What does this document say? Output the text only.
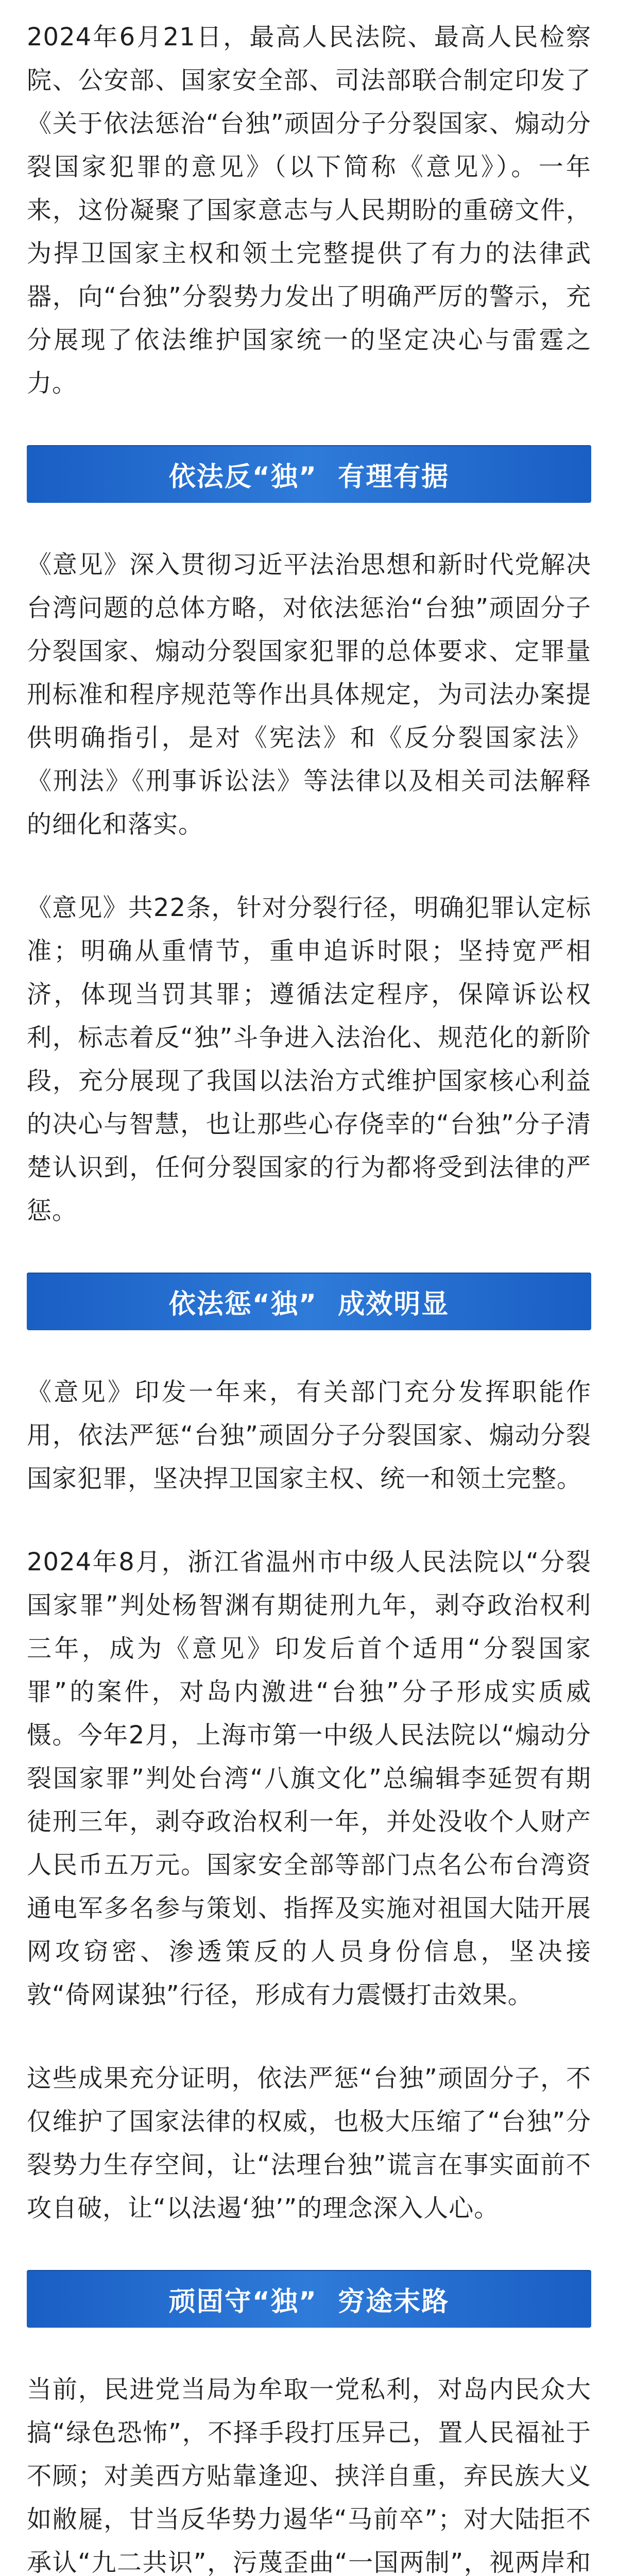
2024年6月21日，最高人民法院、最高人民检察院、公安部、国家安全部、司法部联合制定印发了《关于依法惩治“台独”顽固分子分裂国家、煽动分裂国家犯罪的意见》（以下简称《意见》）。一年来，这份凝聚了国家意志与人民期盼的重磅文件，为捍卫国家主权和领土完整提供了有力的法律武器，向“台独”分裂势力发出了明确严厉的警示，充分展现了依法维护国家统一的坚定决心与雷霆之力。

依法反“独”  有理有据

《意见》深入贯彻习近平法治思想和新时代党解决台湾问题的总体方略，对依法惩治“台独”顽固分子分裂国家、煽动分裂国家犯罪的总体要求、定罪量刑标准和程序规范等作出具体规定，为司法办案提供明确指引，是对《宪法》和《反分裂国家法》《刑法》《刑事诉讼法》等法律以及相关司法解释的细化和落实。

《意见》共22条，针对分裂行径，明确犯罪认定标准；明确从重情节，重申追诉时限；坚持宽严相济，体现当罚其罪；遵循法定程序，保障诉讼权利，标志着反“独”斗争进入法治化、规范化的新阶段，充分展现了我国以法治方式维护国家核心利益的决心与智慧，也让那些心存侥幸的“台独”分子清楚认识到，任何分裂国家的行为都将受到法律的严惩。

依法惩“独”  成效明显

《意见》印发一年来，有关部门充分发挥职能作用，依法严惩“台独”顽固分子分裂国家、煽动分裂国家犯罪，坚决捍卫国家主权、统一和领土完整。

2024年8月，浙江省温州市中级人民法院以“分裂国家罪”判处杨智渊有期徒刑九年，剥夺政治权利三年，成为《意见》印发后首个适用“分裂国家罪”的案件，对岛内激进“台独”分子形成实质威慑。今年2月，上海市第一中级人民法院以“煽动分裂国家罪”判处台湾“八旗文化”总编辑李延贺有期徒刑三年，剥夺政治权利一年，并处没收个人财产人民币五万元。国家安全部等部门点名公布台湾资通电军多名参与策划、指挥及实施对祖国大陆开展网攻窃密、渗透策反的人员身份信息，坚决接敦“倚网谋独”行径，形成有力震慑打击效果。

这些成果充分证明，依法严惩“台独”顽固分子，不仅维护了国家法律的权威，也极大压缩了“台独”分裂势力生存空间，让“法理台独”谎言在事实面前不攻自破，让“以法遏‘独’”的理念深入人心。

顽固守“独”  穷途末路

当前，民进党当局为牟取一党私利，对岛内民众大搞“绿色恐怖”，不择手段打压异己，置人民福祉于不顾；对美西方贴靠逢迎、挟洋自重，弃民族大义如敝屣，甘当反华势力遏华“马前卒”；对大陆拒不承认“九二共识”，污蔑歪曲“一国两制”，视两岸和
